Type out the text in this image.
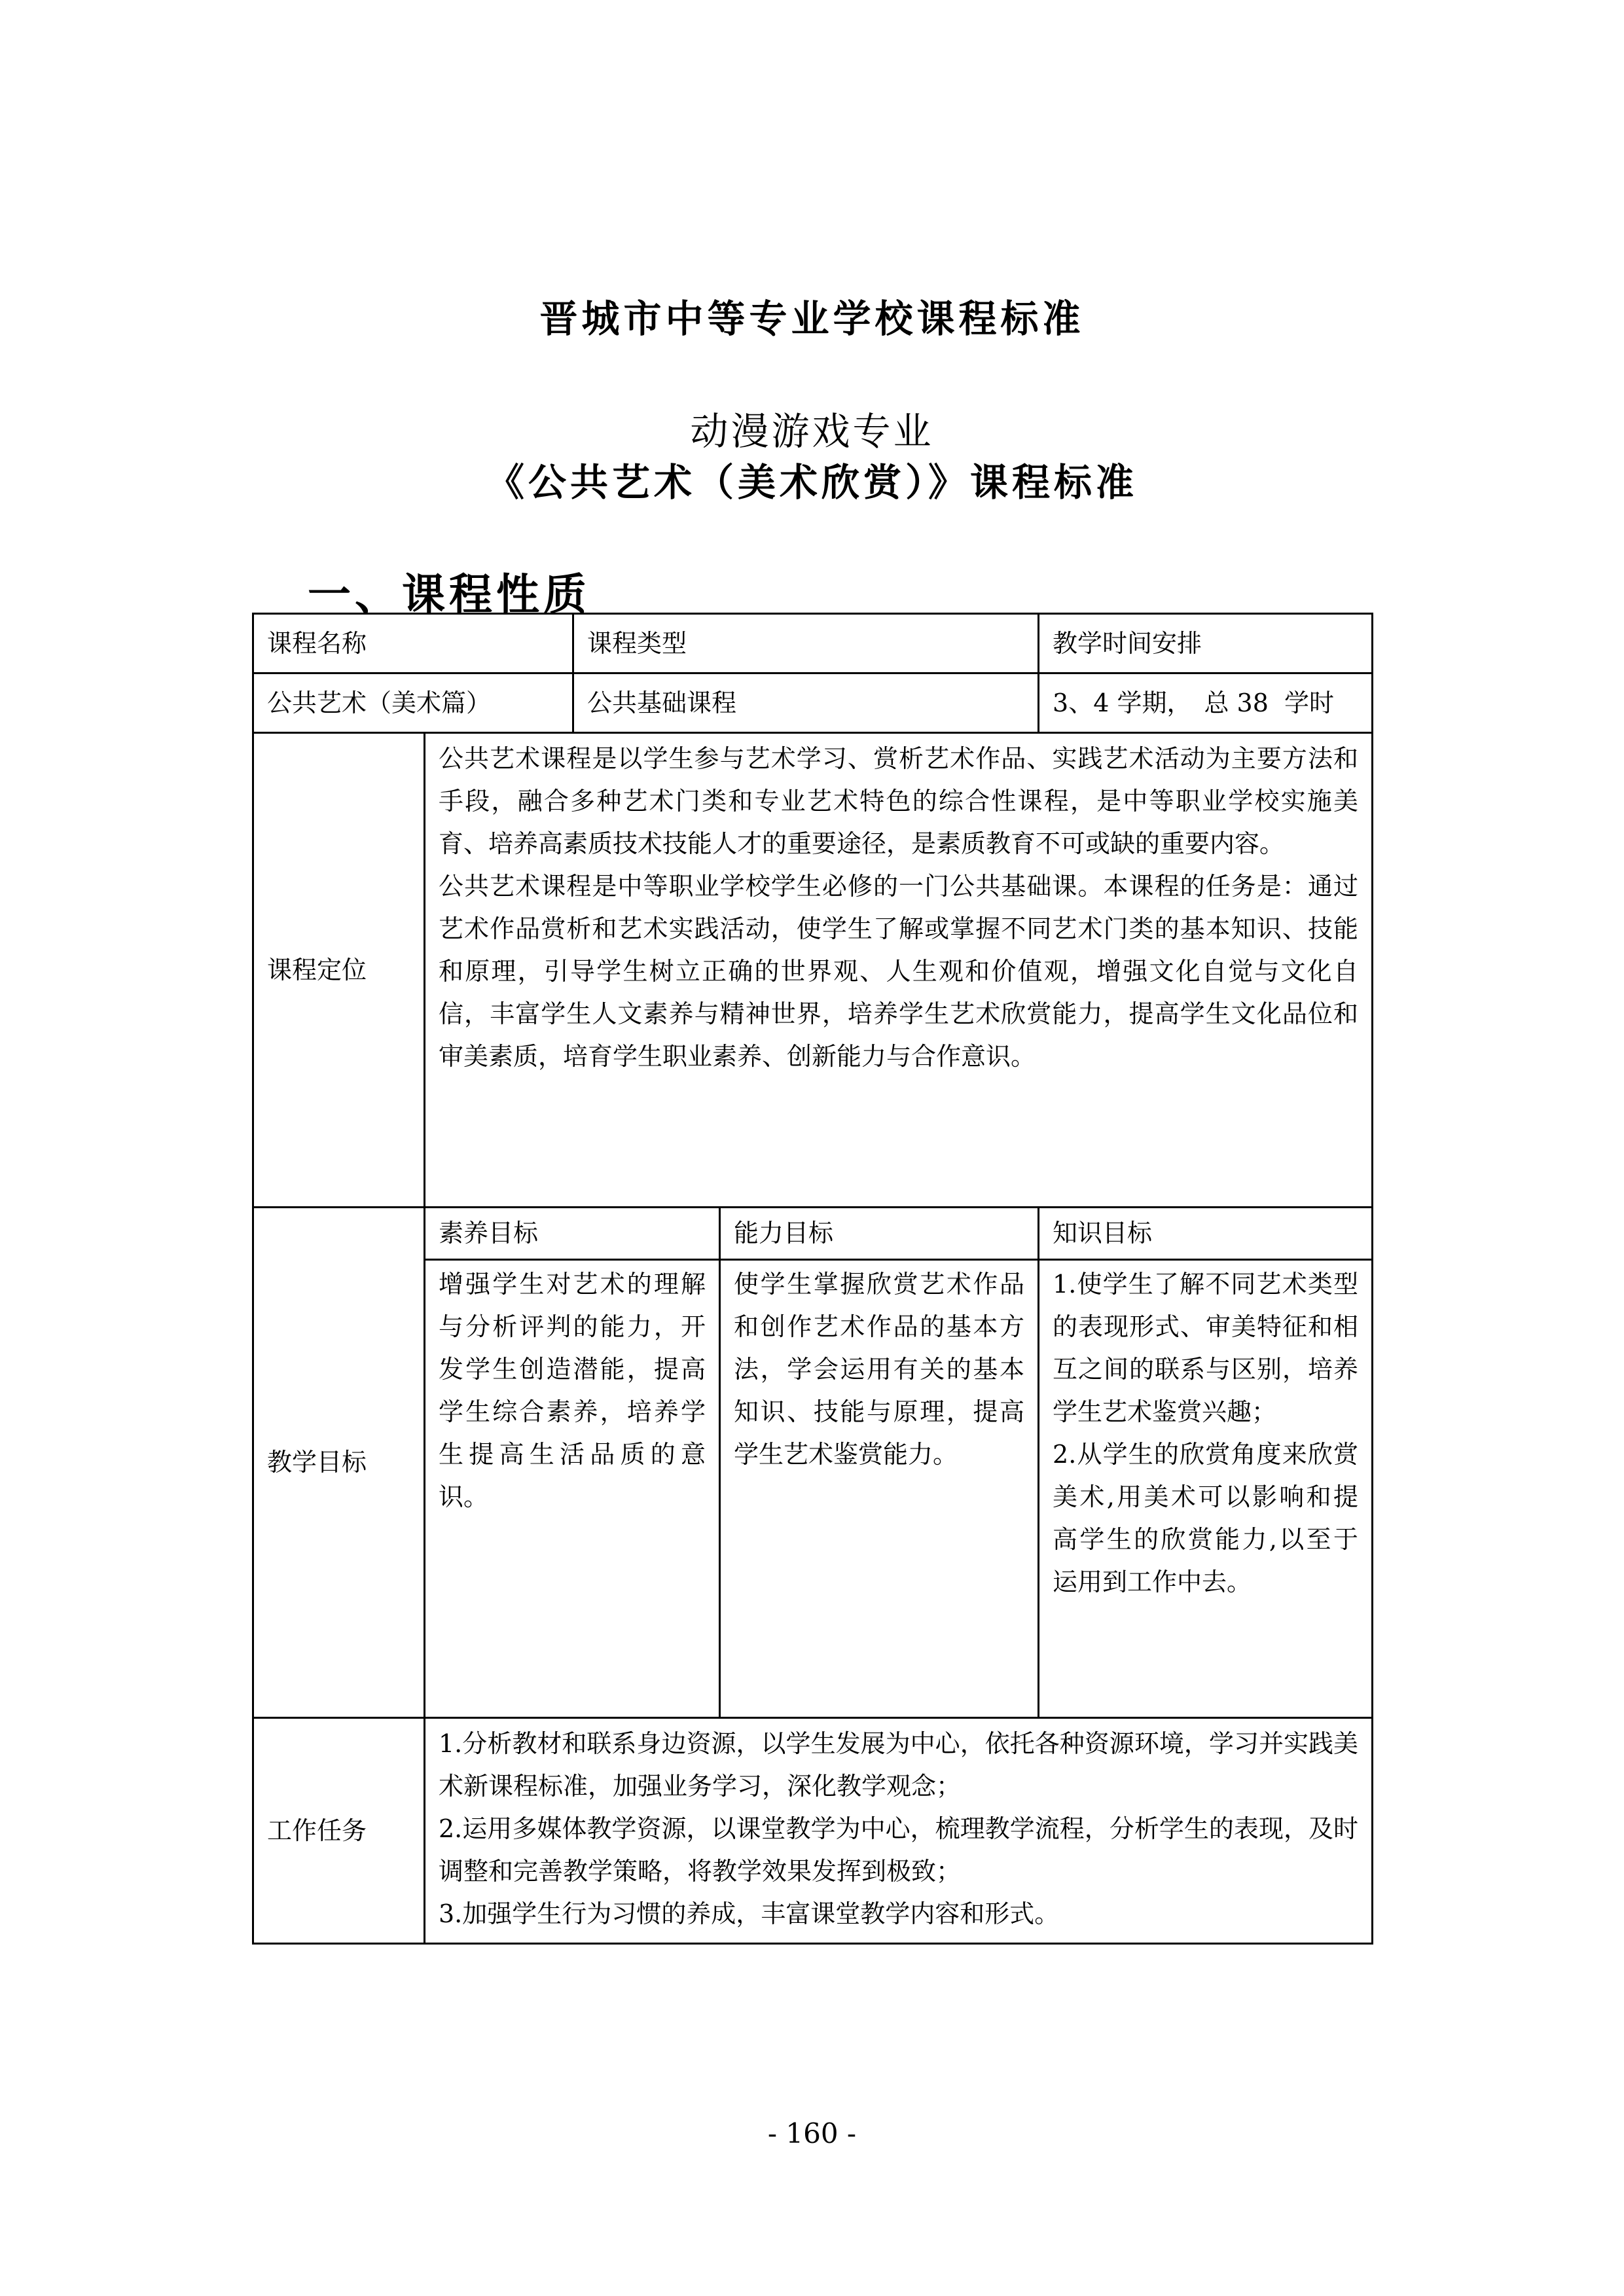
晋城市中等专业学校课程标准
动漫游戏专业
《公共艺术（美术欣赏）》课程标准
一、课程性质
课程名称		课程类型		教学时间安排
公共艺术（美术篇）		公共基础课程		3、4 学期，　总 38  学时
课程定位	公共艺术课程是以学生参与艺术学习、赏析艺术作品、实践艺术活动为主要方法和手段，融合多种艺术门类和专业艺术特色的综合性课程，是中等职业学校实施美育、培养高素质技术技能人才的重要途径，是素质教育不可或缺的重要内容。
公共艺术课程是中等职业学校学生必修的一门公共基础课。本课程的任务是：通过艺术作品赏析和艺术实践活动，使学生了解或掌握不同艺术门类的基本知识、技能和原理，引导学生树立正确的世界观、人生观和价值观，增强文化自觉与文化自信，丰富学生人文素养与精神世界，培养学生艺术欣赏能力，提高学生文化品位和审美素质，培育学生职业素养、创新能力与合作意识。			

教学目标	素养目标		能力目标	知识目标
	增强学生对艺术的理解与分析评判的能力，开发学生创造潜能，提高学生综合素养，培养学生提高生活品质的意识。		使学生掌握欣赏艺术作品和创作艺术作品的基本方法，学会运用有关的基本知识、技能与原理，提高学生艺术鉴赏能力。	1.使学生了解不同艺术类型的表现形式、审美特征和相互之间的联系与区别，培养学生艺术鉴赏兴趣；
2.从学生的欣赏角度来欣赏美术,用美术可以影响和提高学生的欣赏能力,以至于运用到工作中去。

工作任务	1.分析教材和联系身边资源，以学生发展为中心，依托各种资源环境，学习并实践美术新课程标准，加强业务学习，深化教学观念；
2.运用多媒体教学资源，以课堂教学为中心，梳理教学流程，分析学生的表现，及时调整和完善教学策略，将教学效果发挥到极致；
3.加强学生行为习惯的养成，丰富课堂教学内容和形式。			
- 160 -
